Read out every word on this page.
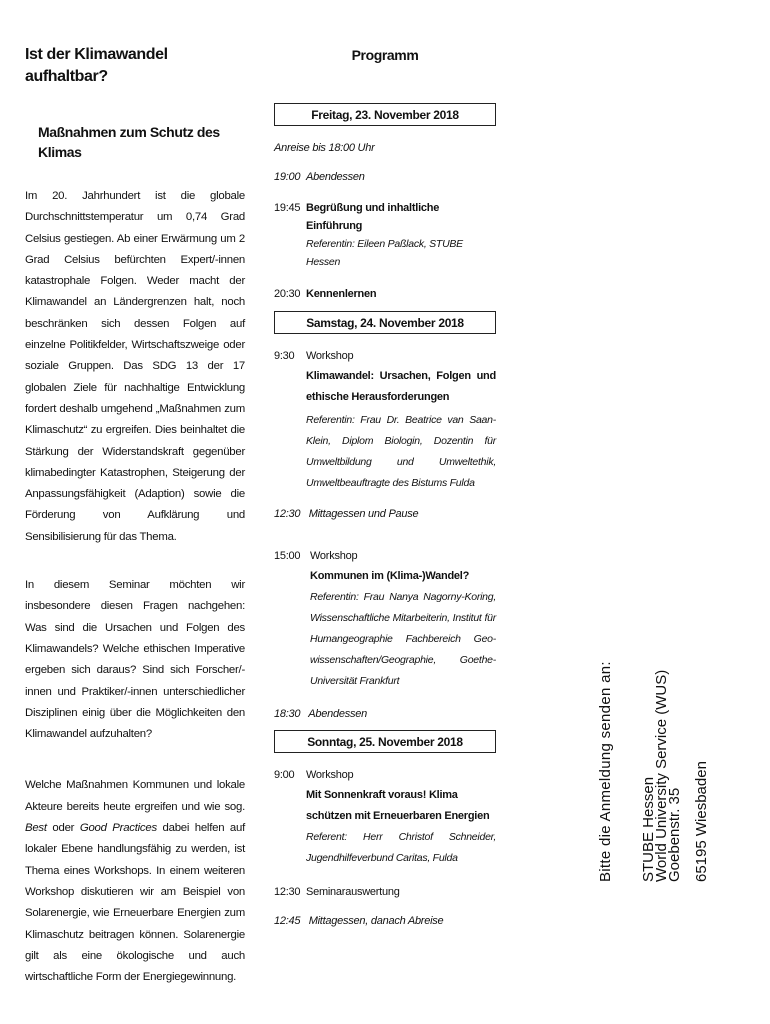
Ist der Klimawandel aufhaltbar?
Maßnahmen zum Schutz des Klimas

Im 20. Jahrhundert ist die globale Durchschnittstemperatur um 0,74 Grad Celsius gestiegen. Ab einer Erwärmung um 2 Grad Celsius befürchten Expert/-innen katastrophale Folgen. Weder macht der Klimawandel an Ländergrenzen halt, noch beschränken sich dessen Folgen auf einzelne Politikfelder, Wirtschaftszweige oder soziale Gruppen. Das SDG 13 der 17 globalen Ziele für nachhaltige Entwicklung fordert deshalb umgehend „Maßnahmen zum Klimaschutz“ zu ergreifen. Dies beinhaltet die Stärkung der Widerstandskraft gegenüber klimabedingter Katastrophen, Steigerung der Anpassungsfähigkeit (Adaption) sowie die Förderung von Aufklärung und Sensibilisierung für das Thema.

In diesem Seminar möchten wir insbesondere diesen Fragen nachgehen: Was sind die Ursachen und Folgen des Klimawandels? Welche ethischen Imperative ergeben sich daraus? Sind sich Forscher/-innen und Praktiker/-innen unterschiedlicher Disziplinen einig über die Möglichkeiten den Klimawandel aufzuhalten?

Welche Maßnahmen Kommunen und lokale Akteure bereits heute ergreifen und wie sog. Best oder Good Practices dabei helfen auf lokaler Ebene handlungsfähig zu werden, ist Thema eines Workshops. In einem weiteren Workshop diskutieren wir am Beispiel von Solarenergie, wie Erneuerbare Energien zum Klimaschutz beitragen können. Solarenergie gilt als eine ökologische und auch wirtschaftliche Form der Energiegewinnung.

Programm
Freitag, 23. November 2018
Anreise bis 18:00 Uhr
19:00 Abendessen
19:45 Begrüßung und inhaltliche Einführung
Referentin: Eileen Paßlack, STUBE Hessen
20:30 Kennenlernen
Samstag, 24. November 2018
9:30	Workshop
Klimawandel: Ursachen, Folgen und ethische Herausforderungen
Referentin: Frau Dr. Beatrice van Saan-Klein, Diplom Biologin, Dozentin für Umweltbildung und Umweltethik, Umweltbeauftragte des Bistums Fulda
12:30   Mittagessen und Pause
15:00 Workshop
Kommunen im (Klima-)Wandel?
Referentin: Frau Nanya Nagorny-Koring, Wissenschaftliche Mitarbeiterin, Institut für Humangeographie Fachbereich Geo-wissenschaften/Geographie, Goethe-Universität Frankfurt
18:30   Abendessen
Sonntag, 25. November 2018
9:00	Workshop
Mit Sonnenkraft voraus! Klima schützen mit Erneuerbaren Energien
Referent: Herr Christof Schneider, Jugendhilfeverbund Caritas, Fulda
12:30 Seminarauswertung
12:45   Mittagessen, danach Abreise
Bitte die Anmeldung senden an: STUBE Hessen
World University Service (WUS)
Goebenstr. 35 65195 Wiesbaden
